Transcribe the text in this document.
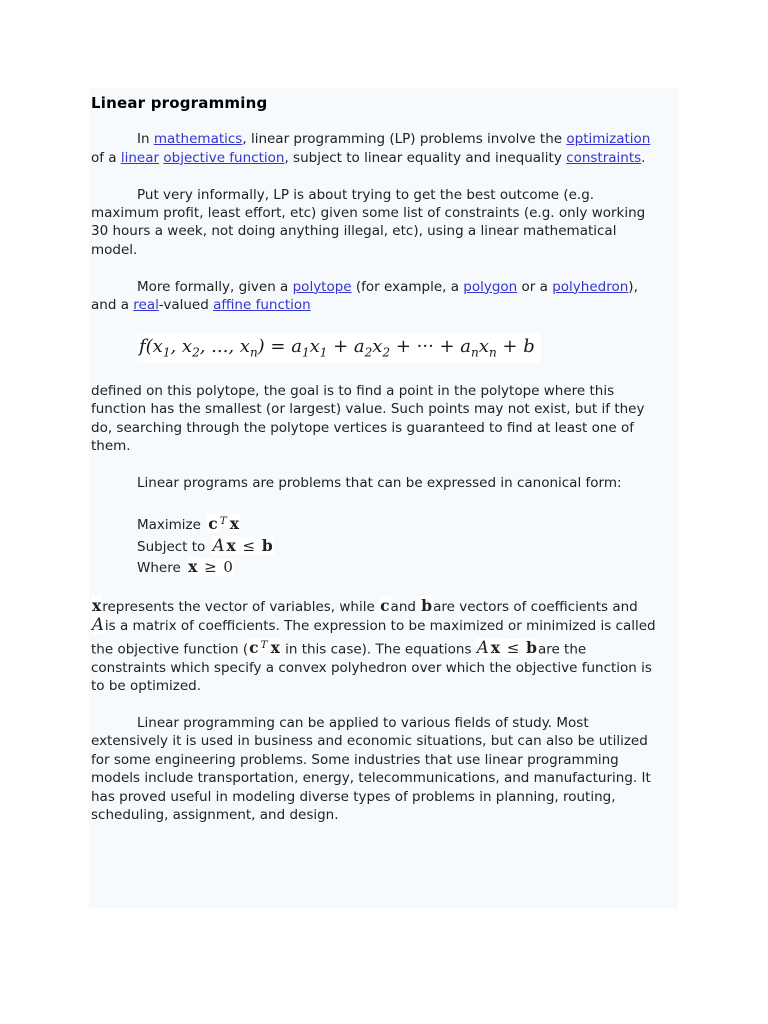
Linear programming

In mathematics, linear programming (LP) problems involve the optimization of a linear objective function, subject to linear equality and inequality constraints.

Put very informally, LP is about trying to get the best outcome (e.g. maximum profit, least effort, etc) given some list of constraints (e.g. only working 30 hours a week, not doing anything illegal, etc), using a linear mathematical model.

More formally, given a polytope (for example, a polygon or a polyhedron), and a real-valued affine function

$f(x_1$, $x_2$, ..., $x_n) = a_1x_1 + a_2x_2$ + ··· + $a_nx_n + b$

defined on this polytope, the goal is to find a point in the polytope where this function has the smallest (or largest) value. Such points may not exist, but if they do, searching through the polytope vertices is guaranteed to find at least one of them.

Linear programs are problems that can be expressed in canonical form:

Maximize c $^T$ x
Subject to A x ≤ b
Where x ≥ 0

xrepresents the vector of variables, while cand bare vectors of coefficients and Ais a matrix of coefficients. The expression to be maximized or minimized is called the objective function (c $^T$ x in this case). The equations A x ≤ bare the constraints which specify a convex polyhedron over which the objective function is to be optimized.

Linear programming can be applied to various fields of study. Most extensively it is used in business and economic situations, but can also be utilized for some engineering problems. Some industries that use linear programming models include transportation, energy, telecommunications, and manufacturing. It has proved useful in modeling diverse types of problems in planning, routing, scheduling, assignment, and design.
